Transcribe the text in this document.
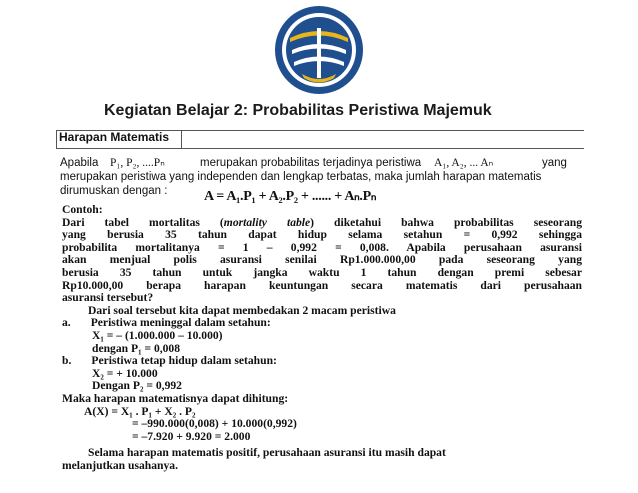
Kegiatan Belajar 2: Probabilitas Peristiwa Majemuk
Harapan Matematis
Apabila P₁, P₂, ....Pₙ	merupakan probabilitas terjadinya peristiwa A₁, A₂, ... Aₙ	yang
merupakan peristiwa yang independen dan lengkap terbatas, maka jumlah harapan matematis
dirumuskan dengan :	A = A₁.P₁ + A₂.P₂ + ...... + Aₙ.Pₙ
Contoh:
Dari tabel mortalitas (mortality table) diketahui bahwa probabilitas seseorang
yang berusia 35 tahun dapat hidup selama setahun = 0,992 sehingga
probabilita mortalitanya = 1 – 0,992 = 0,008. Apabila perusahaan asuransi
akan menjual polis asuransi senilai Rp1.000.000,00 pada seseorang yang
berusia 35 tahun untuk jangka waktu 1 tahun dengan premi sebesar
Rp10.000,00 berapa harapan keuntungan secara matematis dari perusahaan
asuransi tersebut?
Dari soal tersebut kita dapat membedakan 2 macam peristiwa
a. Peristiwa meninggal dalam setahun:
X₁ = – (1.000.000 – 10.000)
dengan P₁ = 0,008
b. Peristiwa tetap hidup dalam setahun:
X₂ = + 10.000
Dengan P₂ = 0,992
Maka harapan matematisnya dapat dihitung:
A(X) = X₁ . P₁ + X₂ . P₂
= –990.000(0,008) + 10.000(0,992)
= –7.920 + 9.920 = 2.000
Selama harapan matematis positif, perusahaan asuransi itu masih dapat
melanjutkan usahanya.
